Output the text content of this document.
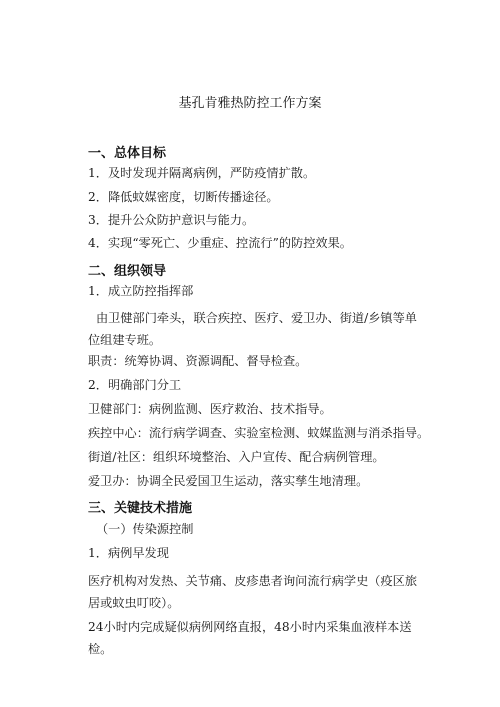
基孔肯雅热防控工作方案
一、总体目标
1．及时发现并隔离病例，严防疫情扩散。
2．降低蚊媒密度，切断传播途径。
3．提升公众防护意识与能力。
4．实现“零死亡、少重症、控流行”的防控效果。
二、组织领导
1．成立防控指挥部
由卫健部门牵头，联合疾控、医疗、爱卫办、街道/乡镇等单位组建专班。
职责：统筹协调、资源调配、督导检查。
2．明确部门分工
卫健部门：病例监测、医疗救治、技术指导。
疾控中心：流行病学调查、实验室检测、蚊媒监测与消杀指导。
街道/社区：组织环境整治、入户宣传、配合病例管理。
爱卫办：协调全民爱国卫生运动，落实孳生地清理。
三、关键技术措施
（一）传染源控制
1．病例早发现
医疗机构对发热、关节痛、皮疹患者询问流行病学史（疫区旅居或蚊虫叮咬）。
24小时内完成疑似病例网络直报，48小时内采集血液样本送检。
